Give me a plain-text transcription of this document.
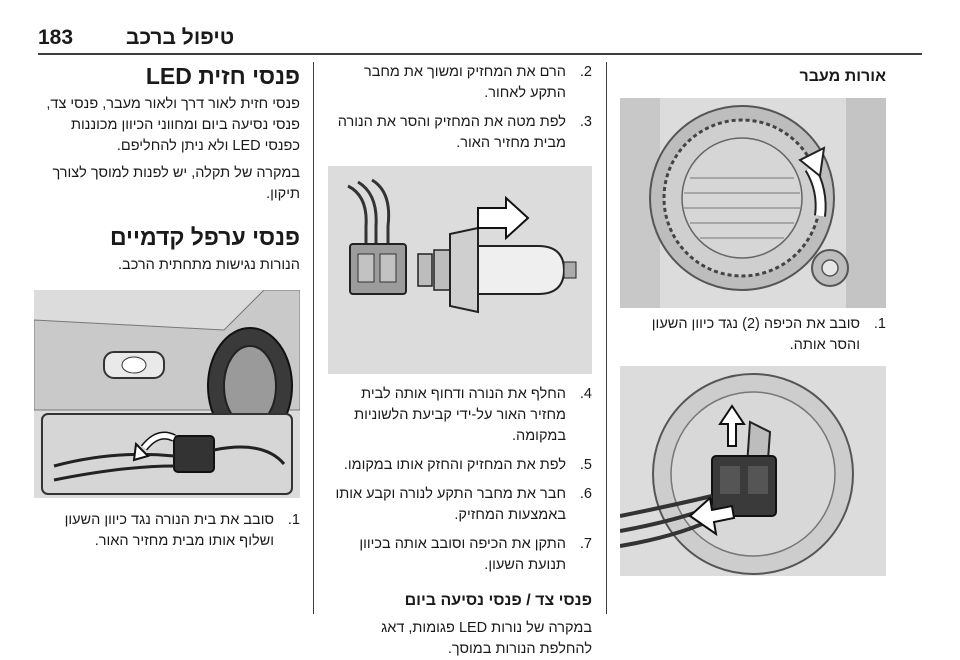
183	טיפול ברכב
אורות מעבר
1.
סובב את הכיפה (2) נגד כיוון השעון והסר אותה.
2.
הרם את המחזיק ומשוך את מחבר התקע לאחור.
3.
לפת מטה את המחזיק והסר את הנורה מבית מחזיר האור.
4.
החלף את הנורה ודחוף אותה לבית מחזיר האור על-ידי קביעת הלשוניות במקומה.
5.
לפת את המחזיק והחזק אותו במקומו.
6.
חבר את מחבר התקע לנורה וקבע אותו באמצעות המחזיק.
7.
התקן את הכיפה וסובב אותה בכיוון תנועת השעון.
פנסי צד / פנסי נסיעה ביום

במקרה של נורות LED פגומות, דאג להחלפת הנורות במוסך.

פנסי חזית LED

פנסי חזית לאור דרך ולאור מעבר, פנסי צד, פנסי נסיעה ביום ומחווני הכיוון מכוננות כפנסי LED ולא ניתן להחליפם.

במקרה של תקלה, יש לפנות למוסך לצורך תיקון.

פנסי ערפל קדמיים

הנורות נגישות מתחתית הרכב.

1.
סובב את בית הנורה נגד כיוון השעון ושלוף אותו מבית מחזיר האור.
